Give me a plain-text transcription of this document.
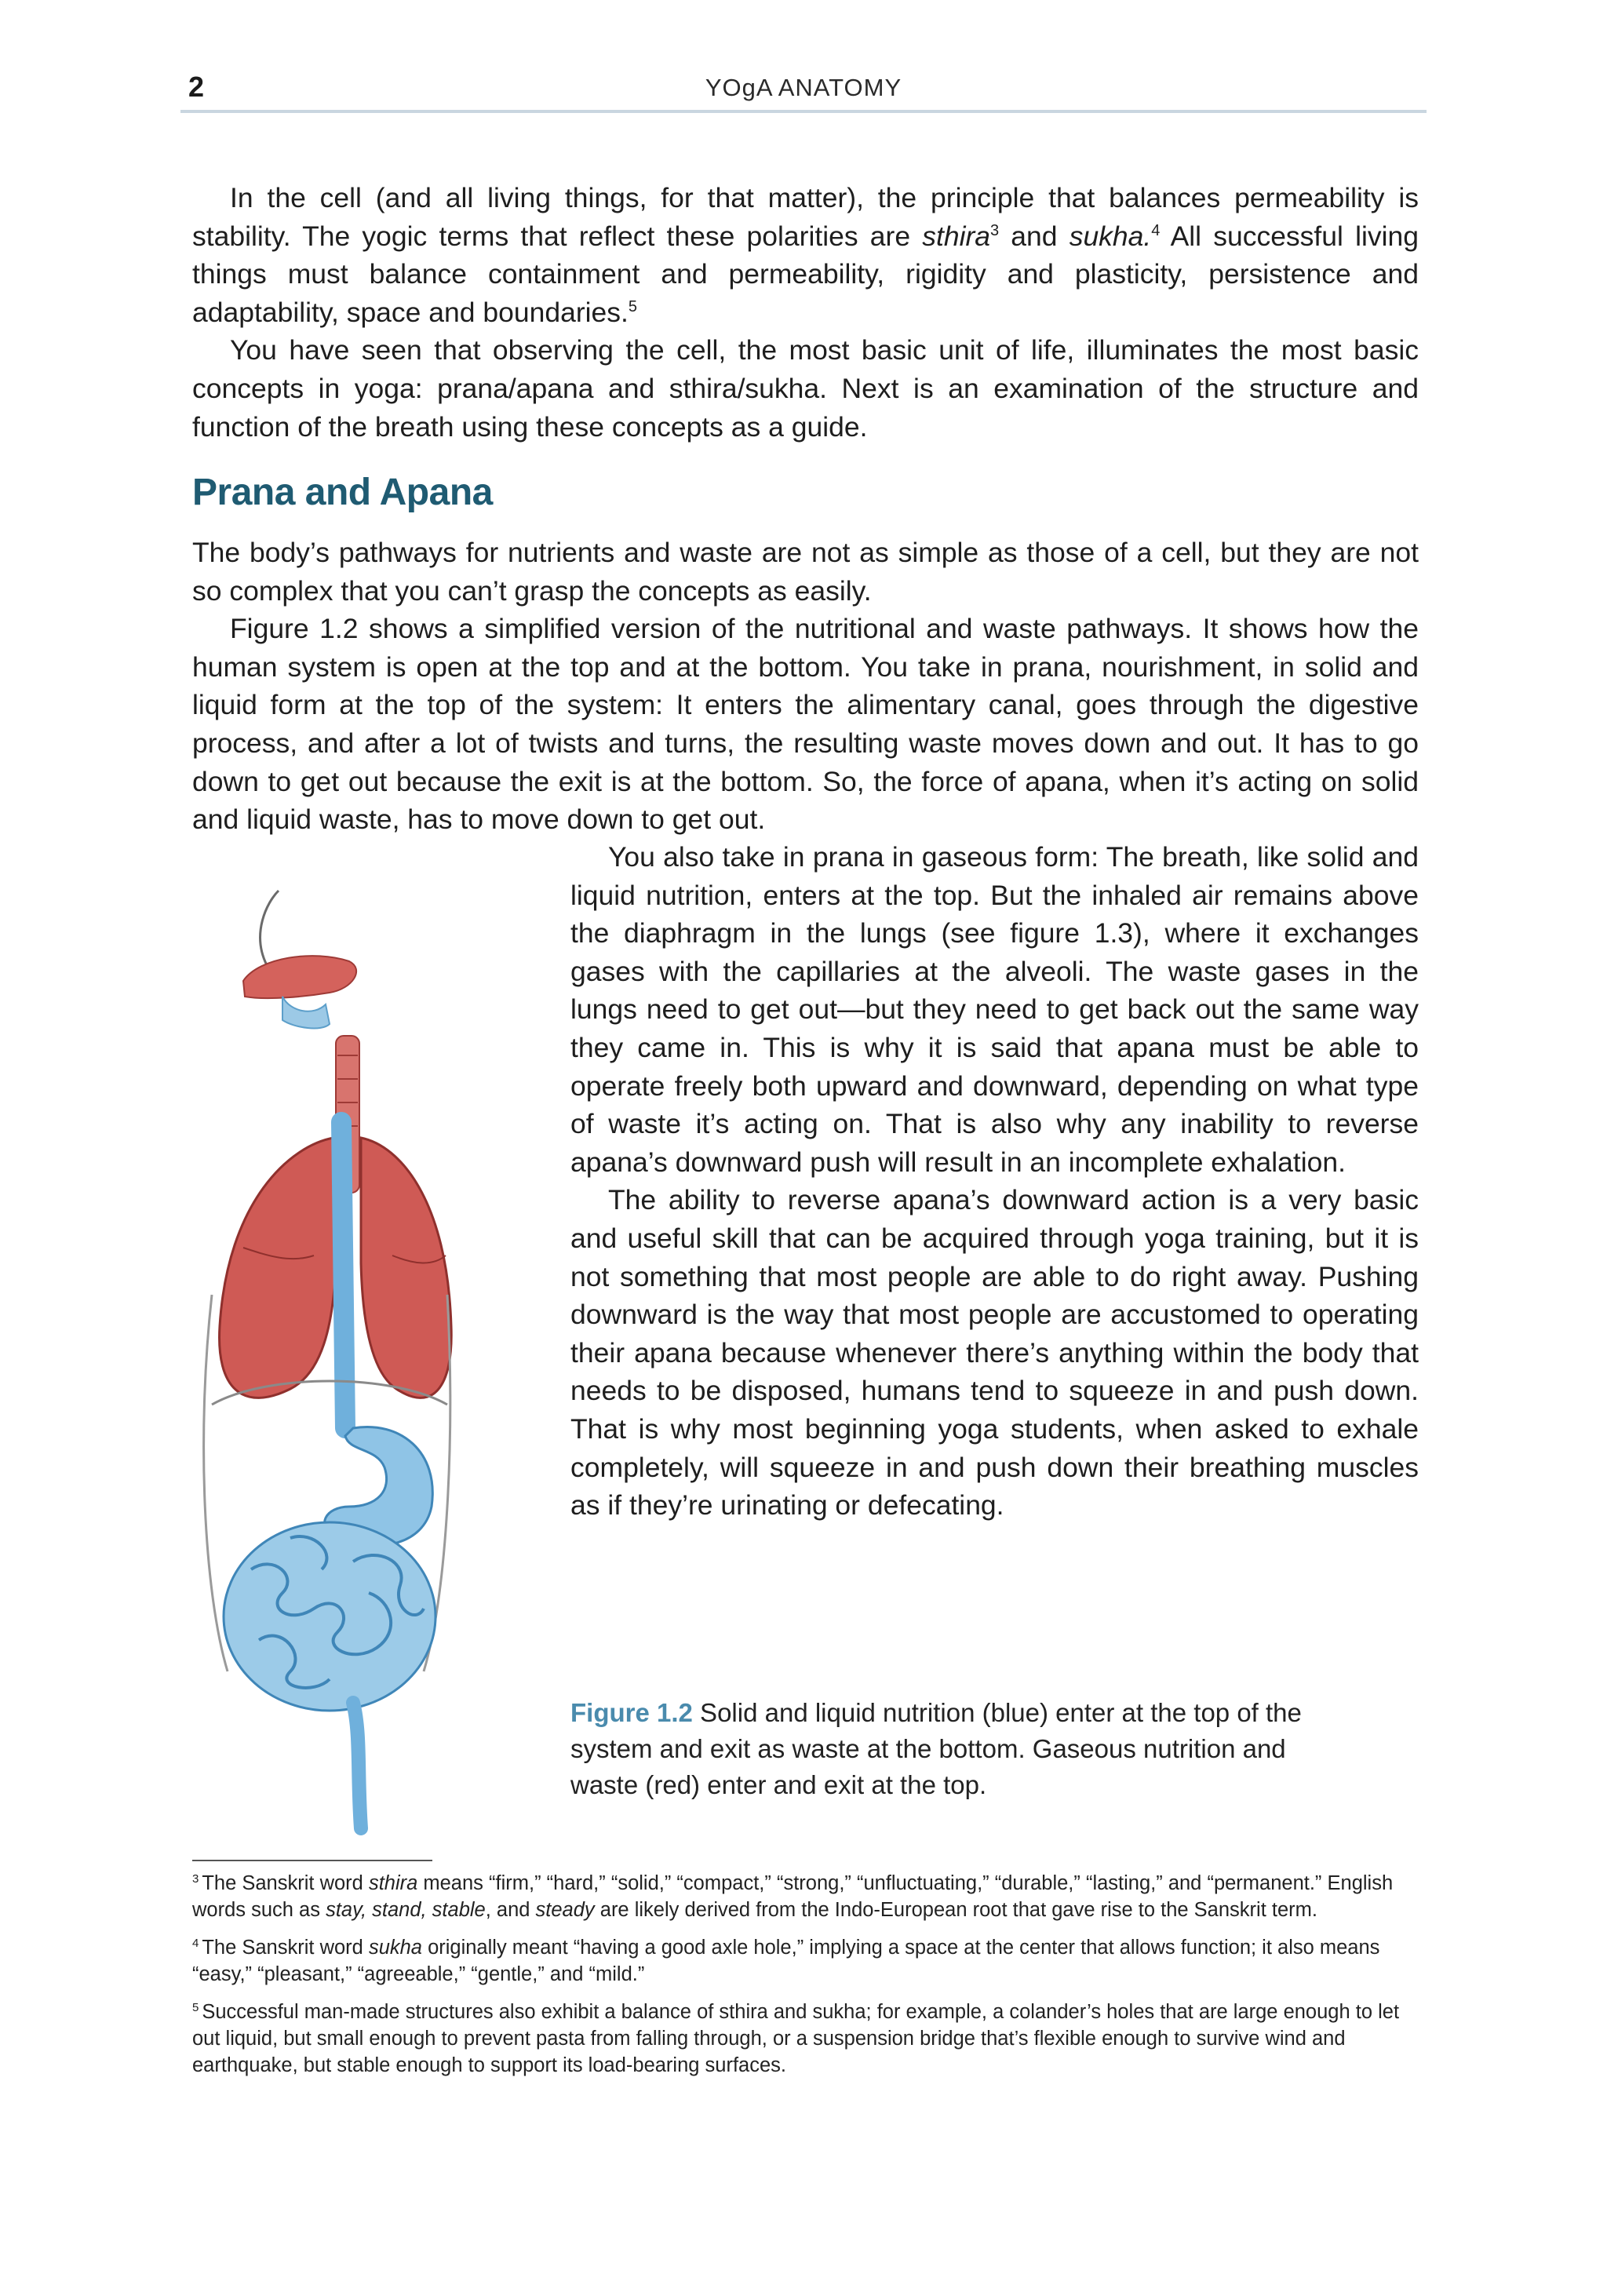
2	YOgA ANATOMY

In the cell (and all living things, for that matter), the principle that balances permeability is stability. The yogic terms that reflect these polarities are sthira$^3$ and sukha.$^4$ All successful living things must balance containment and permeability, rigidity and plasticity, persistence and adaptability, space and boundaries.$^5$

You have seen that observing the cell, the most basic unit of life, illuminates the most basic concepts in yoga: prana/apana and sthira/sukha. Next is an examination of the structure and function of the breath using these concepts as a guide.

Prana and Apana

The body’s pathways for nutrients and waste are not as simple as those of a cell, but they are not so complex that you can’t grasp the concepts as easily.

Figure 1.2 shows a simplified version of the nutritional and waste pathways. It shows how the human system is open at the top and at the bottom. You take in prana, nourishment, in solid and liquid form at the top of the system: It enters the alimentary canal, goes through the digestive process, and after a lot of twists and turns, the resulting waste moves down and out. It has to go down to get out because the exit is at the bottom. So, the force of apana, when it’s acting on solid and liquid waste, has to move down to get out.

You also take in prana in gaseous form: The breath, like solid and liquid nutrition, enters at the top. But the inhaled air remains above the diaphragm in the lungs (see figure 1.3), where it exchanges gases with the capillaries at the alveoli. The waste gases in the lungs need to get out—but they need to get back out the same way they came in. This is why it is said that apana must be able to operate freely both upward and downward, depending on what type of waste it’s acting on. That is also why any inability to reverse apana’s downward push will result in an incomplete exhalation.

The ability to reverse apana’s downward action is a very basic and useful skill that can be acquired through yoga training, but it is not something that most people are able to do right away. Pushing downward is the way that most people are accustomed to operating their apana because whenever there’s anything within the body that needs to be disposed, humans tend to squeeze in and push down. That is why most beginning yoga students, when asked to exhale completely, will squeeze in and push down their breathing muscles as if they’re urinating or defecating.

Figure 1.2 Solid and liquid nutrition (blue) enter at the top of the system and exit as waste at the bottom. Gaseous nutrition and waste (red) enter and exit at the top.

$^3$ The Sanskrit word sthira means “firm,” “hard,” “solid,” “compact,” “strong,” “unfluctuating,” “durable,” “lasting,” and “permanent.” English words such as stay, stand, stable, and steady are likely derived from the Indo-European root that gave rise to the Sanskrit term.

$^4$ The Sanskrit word sukha originally meant “having a good axle hole,” implying a space at the center that allows function; it also means “easy,” “pleasant,” “agreeable,” “gentle,” and “mild.”

$^5$ Successful man-made structures also exhibit a balance of sthira and sukha; for example, a colander’s holes that are large enough to let out liquid, but small enough to prevent pasta from falling through, or a suspension bridge that’s flexible enough to survive wind and earthquake, but stable enough to support its load-bearing surfaces.
